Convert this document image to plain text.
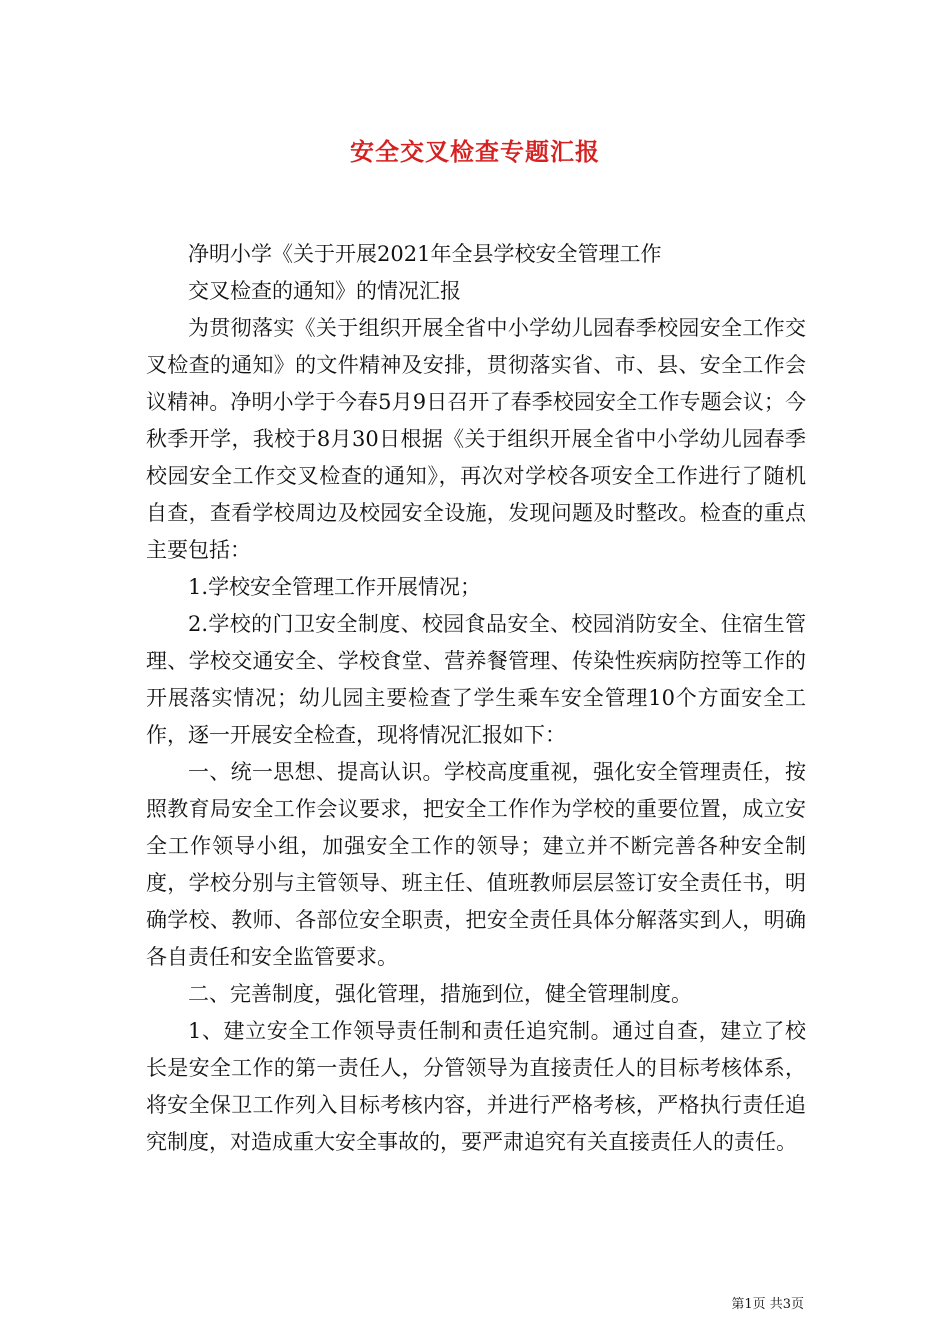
安全交叉检查专题汇报

净明小学《关于开展2021年全县学校安全管理工作

交叉检查的通知》的情况汇报

为贯彻落实《关于组织开展全省中小学幼儿园春季校园安全工作交叉检查的通知》的文件精神及安排，贯彻落实省、市、县、安全工作会议精神。净明小学于今春5月9日召开了春季校园安全工作专题会议；今秋季开学，我校于8月30日根据《关于组织开展全省中小学幼儿园春季校园安全工作交叉检查的通知》，再次对学校各项安全工作进行了随机自查，查看学校周边及校园安全设施，发现问题及时整改。检查的重点主要包括：

1.学校安全管理工作开展情况；

2.学校的门卫安全制度、校园食品安全、校园消防安全、住宿生管理、学校交通安全、学校食堂、营养餐管理、传染性疾病防控等工作的开展落实情况；幼儿园主要检查了学生乘车安全管理10个方面安全工作，逐一开展安全检查，现将情况汇报如下：

一、统一思想、提高认识。学校高度重视，强化安全管理责任，按照教育局安全工作会议要求，把安全工作作为学校的重要位置，成立安全工作领导小组，加强安全工作的领导；建立并不断完善各种安全制度，学校分别与主管领导、班主任、值班教师层层签订安全责任书，明确学校、教师、各部位安全职责，把安全责任具体分解落实到人，明确各自责任和安全监管要求。

二、完善制度，强化管理，措施到位，健全管理制度。

1、建立安全工作领导责任制和责任追究制。通过自查，建立了校长是安全工作的第一责任人，分管领导为直接责任人的目标考核体系，将安全保卫工作列入目标考核内容，并进行严格考核，严格执行责任追究制度，对造成重大安全事故的，要严肃追究有关直接责任人的责任。

第1页 共3页
